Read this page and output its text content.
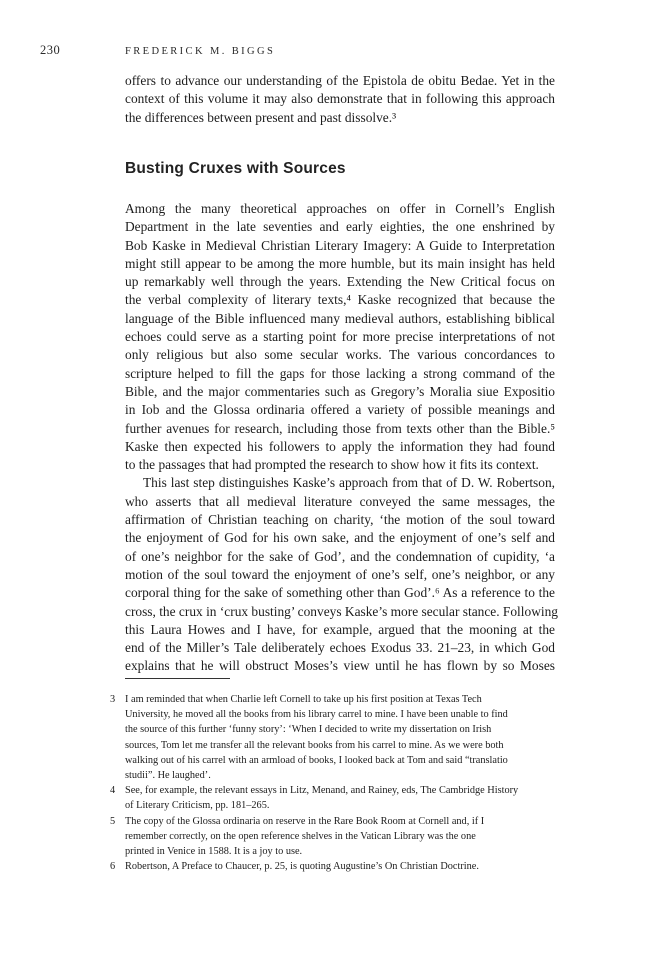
230	FREDERICK M. BIGGS
offers to advance our understanding of the Epistola de obitu Bedae. Yet in the
context of this volume it may also demonstrate that in following this approach
the differences between present and past dissolve.³
Busting Cruxes with Sources
Among the many theoretical approaches on offer in Cornell’s English
Department in the late seventies and early eighties, the one enshrined by
Bob Kaske in Medieval Christian Literary Imagery: A Guide to Interpretation
might still appear to be among the more humble, but its main insight has held
up remarkably well through the years. Extending the New Critical focus on
the verbal complexity of literary texts,⁴ Kaske recognized that because the
language of the Bible influenced many medieval authors, establishing biblical
echoes could serve as a starting point for more precise interpretations of not
only religious but also some secular works. The various concordances to
scripture helped to fill the gaps for those lacking a strong command of the
Bible, and the major commentaries such as Gregory’s Moralia siue Expositio
in Iob and the Glossa ordinaria offered a variety of possible meanings and
further avenues for research, including those from texts other than the Bible.⁵
Kaske then expected his followers to apply the information they had found
to the passages that had prompted the research to show how it fits its context.
This last step distinguishes Kaske’s approach from that of D. W. Robertson,
who asserts that all medieval literature conveyed the same messages, the
affirmation of Christian teaching on charity, ‘the motion of the soul toward
the enjoyment of God for his own sake, and the enjoyment of one’s self and
of one’s neighbor for the sake of God’, and the condemnation of cupidity, ‘a
motion of the soul toward the enjoyment of one’s self, one’s neighbor, or any
corporal thing for the sake of something other than God’.⁶ As a reference to the
cross, the crux in ‘crux busting’ conveys Kaske’s more secular stance. Following
this Laura Howes and I have, for example, argued that the mooning at the
end of the Miller’s Tale deliberately echoes Exodus 33. 21–23, in which God
explains that he will obstruct Moses’s view until he has flown by so Moses
3 I am reminded that when Charlie left Cornell to take up his first position at Texas Tech
University, he moved all the books from his library carrel to mine. I have been unable to find
the source of this further ‘funny story’: ‘When I decided to write my dissertation on Irish
sources, Tom let me transfer all the relevant books from his carrel to mine. As we were both
walking out of his carrel with an armload of books, I looked back at Tom and said “translatio
studii”. He laughed’.
4 See, for example, the relevant essays in Litz, Menand, and Rainey, eds, The Cambridge History
of Literary Criticism, pp. 181–265.
5 The copy of the Glossa ordinaria on reserve in the Rare Book Room at Cornell and, if I
remember correctly, on the open reference shelves in the Vatican Library was the one
printed in Venice in 1588. It is a joy to use.
6 Robertson, A Preface to Chaucer, p. 25, is quoting Augustine’s On Christian Doctrine.
